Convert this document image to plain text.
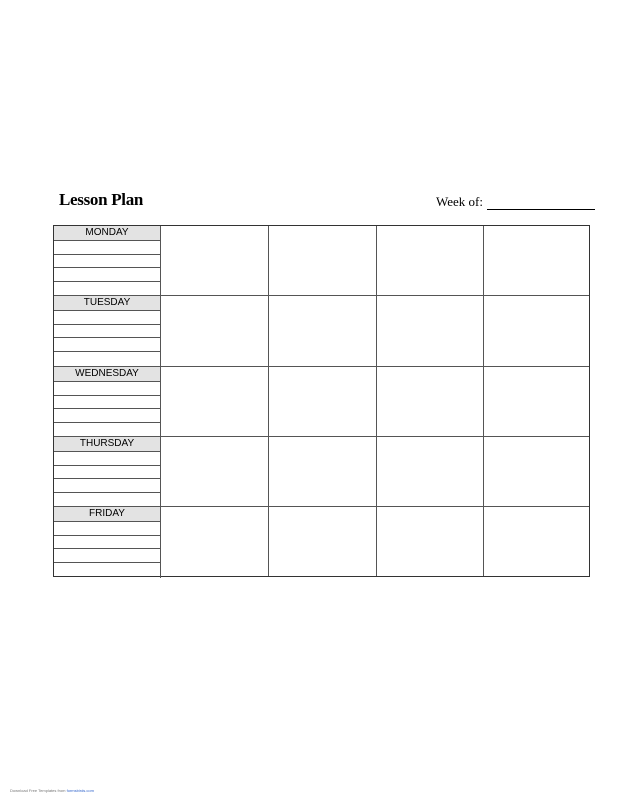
Lesson Plan	Week of:
MONDAY
TUESDAY
WEDNESDAY
THURSDAY
FRIDAY
Download Free Templates from formsbirds.com
